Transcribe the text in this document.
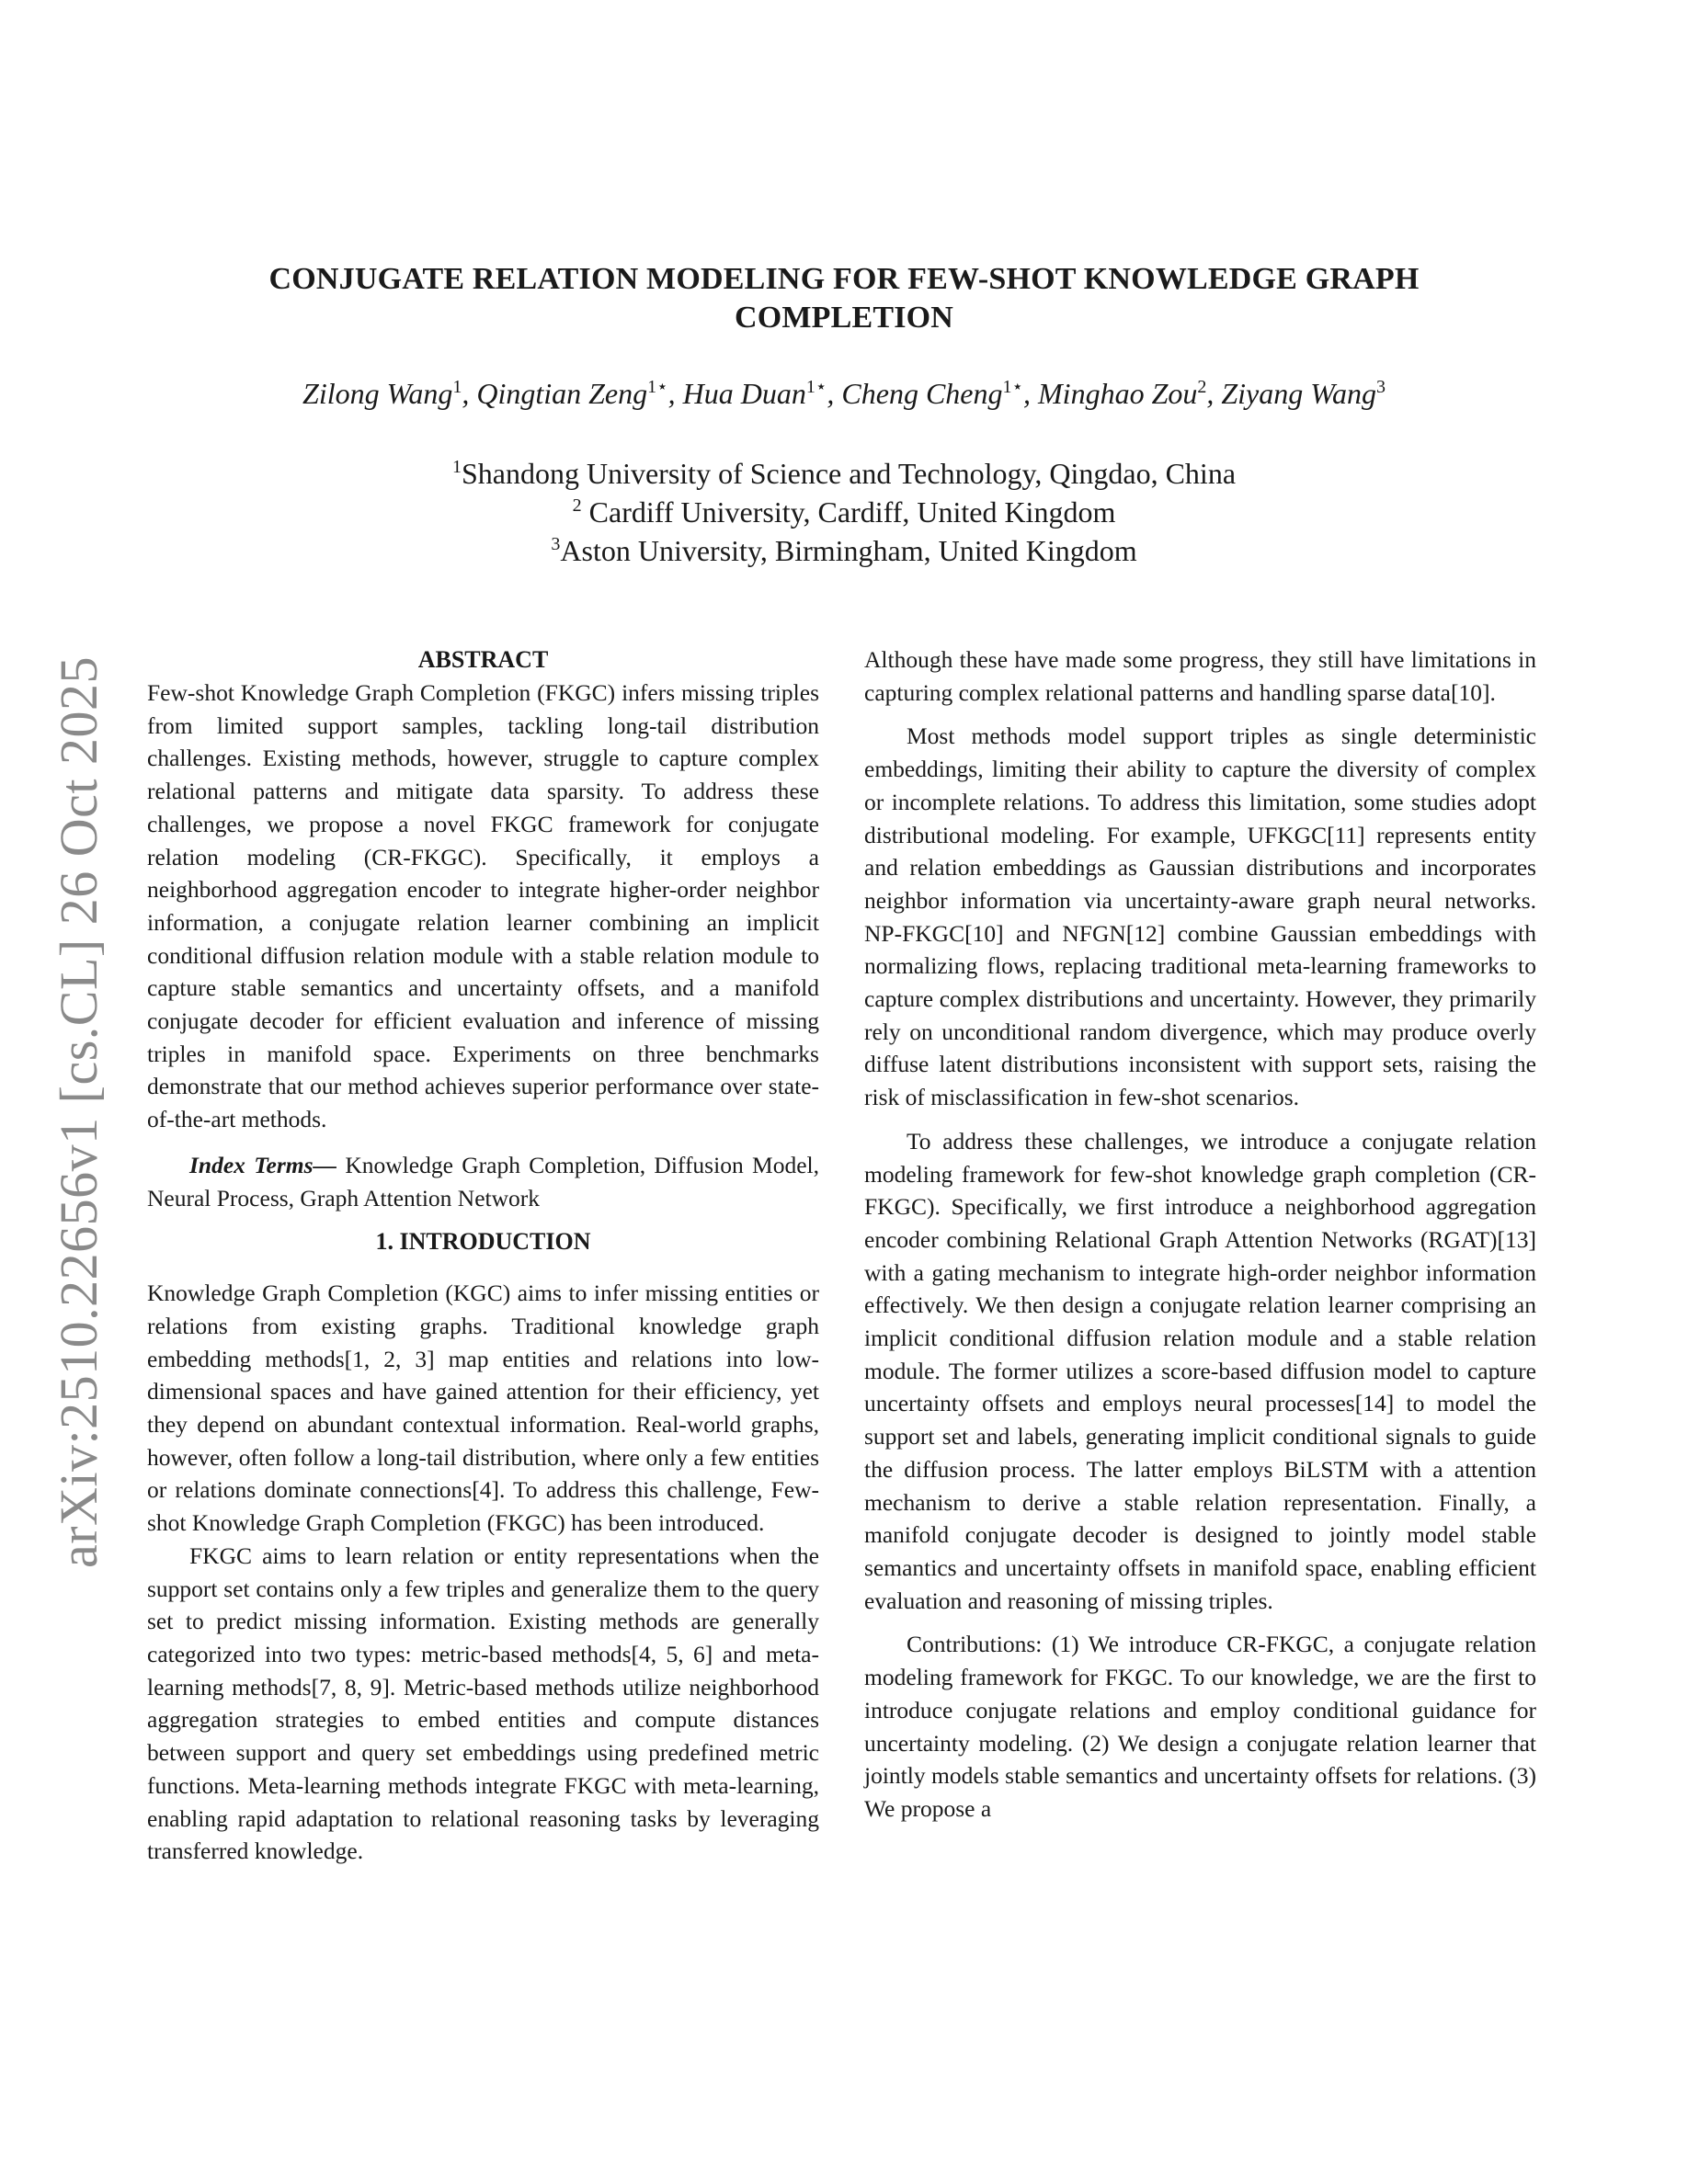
CONJUGATE RELATION MODELING FOR FEW-SHOT KNOWLEDGE GRAPH
COMPLETION
Zilong Wang$^1$, Qingtian Zeng$^{1⋆}$, Hua Duan$^{1⋆}$, Cheng Cheng$^{1⋆}$, Minghao Zou$^2$, Ziyang Wang$^3$
$^1$Shandong University of Science and Technology, Qingdao, China
$^2$ Cardiff University, Cardiff, United Kingdom
$^3$Aston University, Birmingham, United Kingdom
arXiv:2510.22656v1 [cs.CL] 26 Oct 2025	ABSTRACT

Few-shot Knowledge Graph Completion (FKGC) infers missing triples from limited support samples, tackling long-tail distribution challenges. Existing methods, however, struggle to capture complex relational patterns and mitigate data sparsity. To address these challenges, we propose a novel FKGC framework for conjugate relation modeling (CR-FKGC). Specifically, it employs a neighborhood aggregation encoder to integrate higher-order neighbor information, a conjugate relation learner combining an implicit conditional diffusion relation module with a stable relation module to capture stable semantics and uncertainty offsets, and a manifold conjugate decoder for efficient evaluation and inference of missing triples in manifold space. Experiments on three benchmarks demonstrate that our method achieves superior performance over state-of-the-art methods.

Index Terms— Knowledge Graph Completion, Diffusion Model, Neural Process, Graph Attention Network

1. INTRODUCTION

Knowledge Graph Completion (KGC) aims to infer missing entities or relations from existing graphs. Traditional knowledge graph embedding methods[1, 2, 3] map entities and relations into low-dimensional spaces and have gained attention for their efficiency, yet they depend on abundant contextual information. Real-world graphs, however, often follow a long-tail distribution, where only a few entities or relations dominate connections[4]. To address this challenge, Few-shot Knowledge Graph Completion (FKGC) has been introduced.

FKGC aims to learn relation or entity representations when the support set contains only a few triples and generalize them to the query set to predict missing information. Existing methods are generally categorized into two types: metric-based methods[4, 5, 6] and meta-learning methods[7, 8, 9]. Metric-based methods utilize neighborhood aggregation strategies to embed entities and compute distances between support and query set embeddings using predefined metric functions. Meta-learning methods integrate FKGC with meta-learning, enabling rapid adaptation to relational reasoning tasks by leveraging transferred knowledge.

Although these have made some progress, they still have limitations in capturing complex relational patterns and handling sparse data[10].

Most methods model support triples as single deterministic embeddings, limiting their ability to capture the diversity of complex or incomplete relations. To address this limitation, some studies adopt distributional modeling. For example, UFKGC[11] represents entity and relation embeddings as Gaussian distributions and incorporates neighbor information via uncertainty-aware graph neural networks. NP-FKGC[10] and NFGN[12] combine Gaussian embeddings with normalizing flows, replacing traditional meta-learning frameworks to capture complex distributions and uncertainty. However, they primarily rely on unconditional random divergence, which may produce overly diffuse latent distributions inconsistent with support sets, raising the risk of misclassification in few-shot scenarios.

To address these challenges, we introduce a conjugate relation modeling framework for few-shot knowledge graph completion (CR-FKGC). Specifically, we first introduce a neighborhood aggregation encoder combining Relational Graph Attention Networks (RGAT)[13] with a gating mechanism to integrate high-order neighbor information effectively. We then design a conjugate relation learner comprising an implicit conditional diffusion relation module and a stable relation module. The former utilizes a score-based diffusion model to capture uncertainty offsets and employs neural processes[14] to model the support set and labels, generating implicit conditional signals to guide the diffusion process. The latter employs BiLSTM with a attention mechanism to derive a stable relation representation. Finally, a manifold conjugate decoder is designed to jointly model stable semantics and uncertainty offsets in manifold space, enabling efficient evaluation and reasoning of missing triples.

Contributions: (1) We introduce CR-FKGC, a conjugate relation modeling framework for FKGC. To our knowledge, we are the first to introduce conjugate relations and employ conditional guidance for uncertainty modeling. (2) We design a conjugate relation learner that jointly models stable semantics and uncertainty offsets for relations. (3) We propose a
